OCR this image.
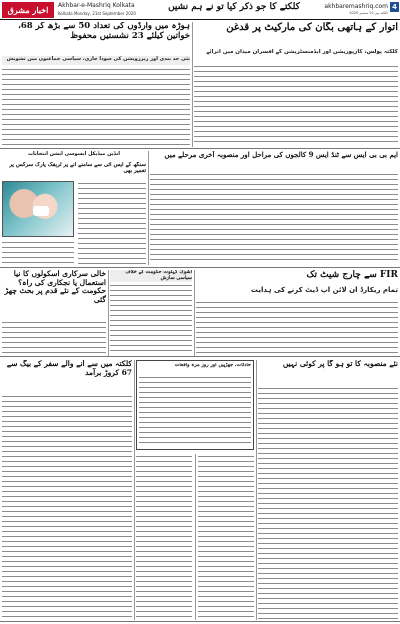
اخبار مشرق	Akhbar-e-Mashriq Kolkata
Kolkata Monday, 21st September 2020
کلکتے کا جو ذکر کیا تو نے ہم نشیں	akhbaremashriq.com
کلکتہ پیر 21 ستمبر 2020
4
اتوار کے ہاتھی بگان کی مارکیٹ پر قدغن
کلکتہ پولس، کارپوریشن اور ایڈمنسٹریشن کے افسران میدان میں اترآئے
ہوڑہ میں وارڈوں کی تعداد 50 سے بڑھ کر 68، خواتین کیلئے 23 نشستیں محفوظ
نئی حد بندی اور ریزرویشن کی سودا جاری، سیاسی جماعتوں میں تشویش
ایم بی بی ایس سے ٹنڈ ایس 9 کالجوں کی مراحل اور منصوبہ آخری مرحلے میں
انڈین میڈیکل ایسوسی ایشن انتخابات
سنگھ کے ایس آئی سے سامنے آنے پر ٹریفک پارک سرکس پر تعمیر بھی
FIR سے چارج شیٹ تک
تمام ریکارڈ آن لائن اپ ڈیٹ کرنے کی ہدایت
اشوک گہلوت حکومت کے خلاف سیاسی سازش
خالی سرکاری اسکولوں کا نیا استعمال یا نجکاری کی راہ؟ حکومت کے نئے قدم پر بحث چھڑ گئی
حادثات، جھڑپیں اور روز مرہ واقعات
کلکتہ میں سے آنے والے سفر کے بیگ سے 67 کروڑ برآمد
نئے منصوبہ کا تو ہو گا پر کوئی نہیں
